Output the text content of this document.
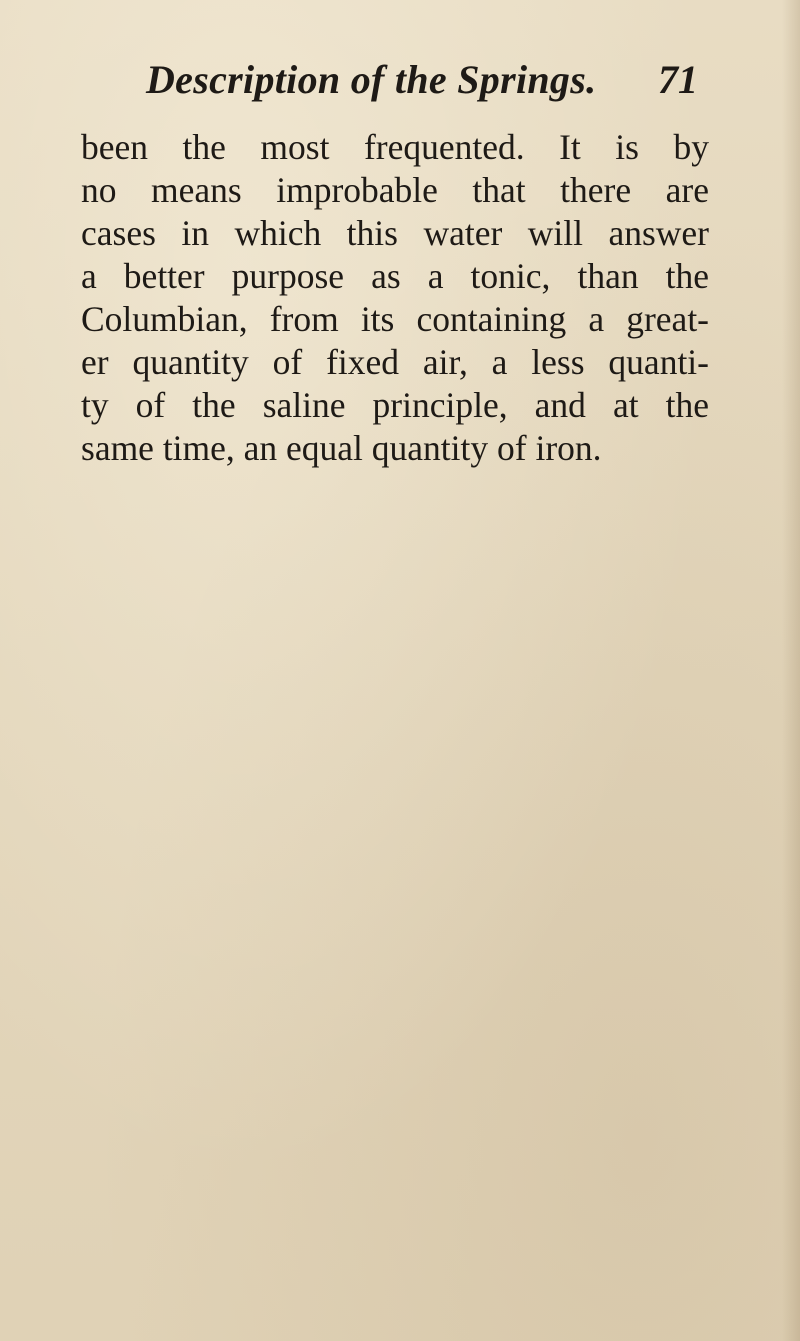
Description of the Springs. 71
been the most frequented. It is by
no means improbable that there are
cases in which this water will answer
a better purpose as a tonic, than the
Columbian, from its containing a great-
er quantity of fixed air, a less quanti-
ty of the saline principle, and at the
same time, an equal quantity of iron.
